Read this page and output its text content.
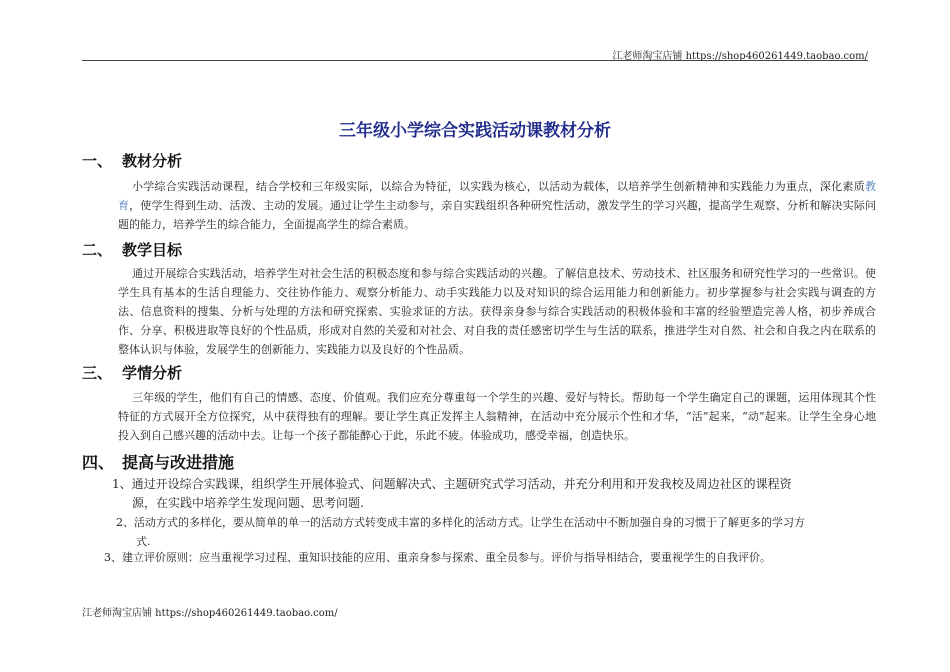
江老师淘宝店铺 https://shop460261449.taobao.com/
三年级小学综合实践活动课教材分析
一、 教材分析
小学综合实践活动课程，结合学校和三年级实际，以综合为特征，以实践为核心，以活动为载体，以培养学生创新精神和实践能力为重点，深化素质教育，使学生得到生动、活泼、主动的发展。通过让学生主动参与，亲自实践组织各种研究性活动，激发学生的学习兴趣，提高学生观察、分析和解决实际问题的能力，培养学生的综合能力，全面提高学生的综合素质。
二、 教学目标
通过开展综合实践活动，培养学生对社会生活的积极态度和参与综合实践活动的兴趣。了解信息技术、劳动技术、社区服务和研究性学习的一些常识。使学生具有基本的生活自理能力、交往协作能力、观察分析能力、动手实践能力以及对知识的综合运用能力和创新能力。初步掌握参与社会实践与调查的方法、信息资料的搜集、分析与处理的方法和研究探索、实验求证的方法。获得亲身参与综合实践活动的积极体验和丰富的经验塑造完善人格，初步养成合作、分享、积极进取等良好的个性品质，形成对自然的关爱和对社会、对自我的责任感密切学生与生活的联系，推进学生对自然、社会和自我之内在联系的整体认识与体验，发展学生的创新能力、实践能力以及良好的个性品质。
三、 学情分析
三年级的学生，他们有自己的情感、态度、价值观。我们应充分尊重每一个学生的兴趣、爱好与特长。帮助每一个学生确定自己的课题，运用体现其个性特征的方式展开全方位探究，从中获得独有的理解。要让学生真正发挥主人翁精神，在活动中充分展示个性和才华，“活”起来，“动”起来。让学生全身心地投入到自己感兴趣的活动中去。让每一个孩子都能醉心于此，乐此不疲。体验成功，感受幸福，创造快乐。
四、 提高与改进措施
1、通过开设综合实践课，组织学生开展体验式、问题解决式、主题研究式学习活动，并充分利用和开发我校及周边社区的课程资
源，在实践中培养学生发现问题、思考问题.
2、活动方式的多样化，要从简单的单一的活动方式转变成丰富的多样化的活动方式。让学生在活动中不断加强自身的习惯于了解更多的学习方
式.
3、建立评价原则：应当重视学习过程、重知识技能的应用、重亲身参与探索、重全员参与。评价与指导相结合，要重视学生的自我评价。
江老师淘宝店铺 https://shop460261449.taobao.com/
